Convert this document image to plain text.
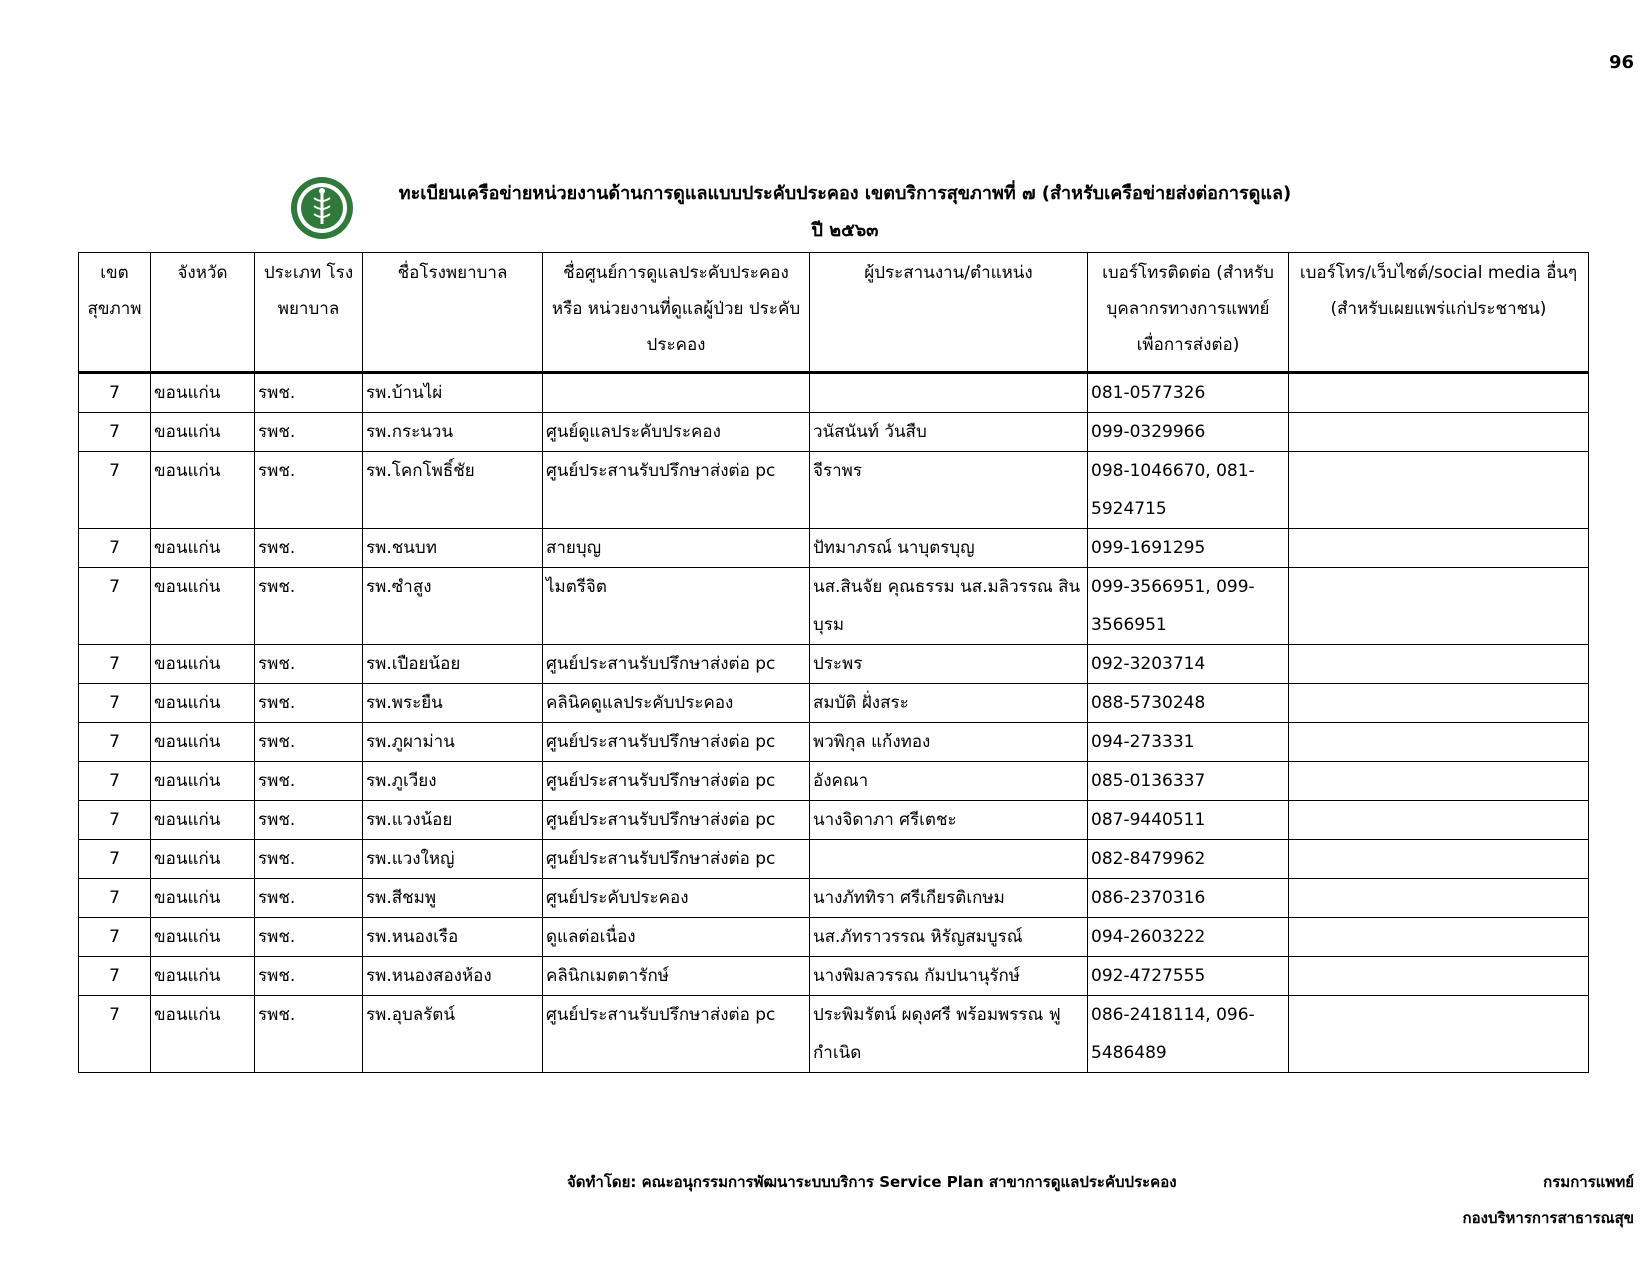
96
ทะเบียนเครือข่ายหน่วยงานด้านการดูแลแบบประคับประคอง เขตบริการสุขภาพที่ ๗ (สำหรับเครือข่ายส่งต่อการดูแล)
ปี ๒๕๖๓
เขต สุขภาพ	จังหวัด	ประเภท โรงพยาบาล	ชื่อโรงพยาบาล	ชื่อศูนย์การดูแลประคับประคอง หรือ หน่วยงานที่ดูแลผู้ป่วย ประคับประคอง	ผู้ประสานงาน/ตำแหน่ง	เบอร์โทรติดต่อ (สำหรับ บุคลากรทางการแพทย์ เพื่อการส่งต่อ)	เบอร์โทร/เว็บไซต์/social media อื่นๆ (สำหรับเผยแพร่แก่ประชาชน)
7	ขอนแก่น	รพช.	รพ.บ้านไผ่			081-0577326	
7	ขอนแก่น	รพช.	รพ.กระนวน	ศูนย์ดูแลประคับประคอง	วนัสนันท์ วันสืบ	099-0329966	
7	ขอนแก่น	รพช.	รพ.โคกโพธิ์ชัย	ศูนย์ประสานรับปรึกษาส่งต่อ pc	จีราพร	098-1046670, 081-5924715	
7	ขอนแก่น	รพช.	รพ.ชนบท	สายบุญ	ปัทมาภรณ์ นาบุตรบุญ	099-1691295	
7	ขอนแก่น	รพช.	รพ.ซำสูง	ไมตรีจิต	นส.สินจัย คุณธรรม นส.มลิวรรณ สินบุรม	099-3566951, 099-3566951	
7	ขอนแก่น	รพช.	รพ.เปือยน้อย	ศูนย์ประสานรับปรึกษาส่งต่อ pc	ประพร	092-3203714	
7	ขอนแก่น	รพช.	รพ.พระยืน	คลินิคดูแลประคับประคอง	สมบัติ ฝั่งสระ	088-5730248	
7	ขอนแก่น	รพช.	รพ.ภูผาม่าน	ศูนย์ประสานรับปรึกษาส่งต่อ pc	พวพิกุล แก้งทอง	094-273331	
7	ขอนแก่น	รพช.	รพ.ภูเวียง	ศูนย์ประสานรับปรึกษาส่งต่อ pc	อังคณา	085-0136337	
7	ขอนแก่น	รพช.	รพ.แวงน้อย	ศูนย์ประสานรับปรึกษาส่งต่อ pc	นางจิดาภา ศรีเตชะ	087-9440511	
7	ขอนแก่น	รพช.	รพ.แวงใหญ่	ศูนย์ประสานรับปรึกษาส่งต่อ pc		082-8479962	
7	ขอนแก่น	รพช.	รพ.สีชมพู	ศูนย์ประคับประคอง	นางภัททิรา ศรีเกียรติเกษม	086-2370316	
7	ขอนแก่น	รพช.	รพ.หนองเรือ	ดูแลต่อเนื่อง	นส.ภัทราวรรณ หิรัญสมบูรณ์	094-2603222	
7	ขอนแก่น	รพช.	รพ.หนองสองห้อง	คลินิกเมตตารักษ์	นางพิมลวรรณ กัมปนานุรักษ์	092-4727555	
7	ขอนแก่น	รพช.	รพ.อุบลรัตน์	ศูนย์ประสานรับปรึกษาส่งต่อ pc	ประพิมรัตน์ ผดุงศรี พร้อมพรรณ ฟูกำเนิด	086-2418114, 096-5486489	
จัดทำโดย: คณะอนุกรรมการพัฒนาระบบบริการ Service Plan สาขาการดูแลประคับประคอง	กรมการแพทย์
กองบริหารการสาธารณสุข
